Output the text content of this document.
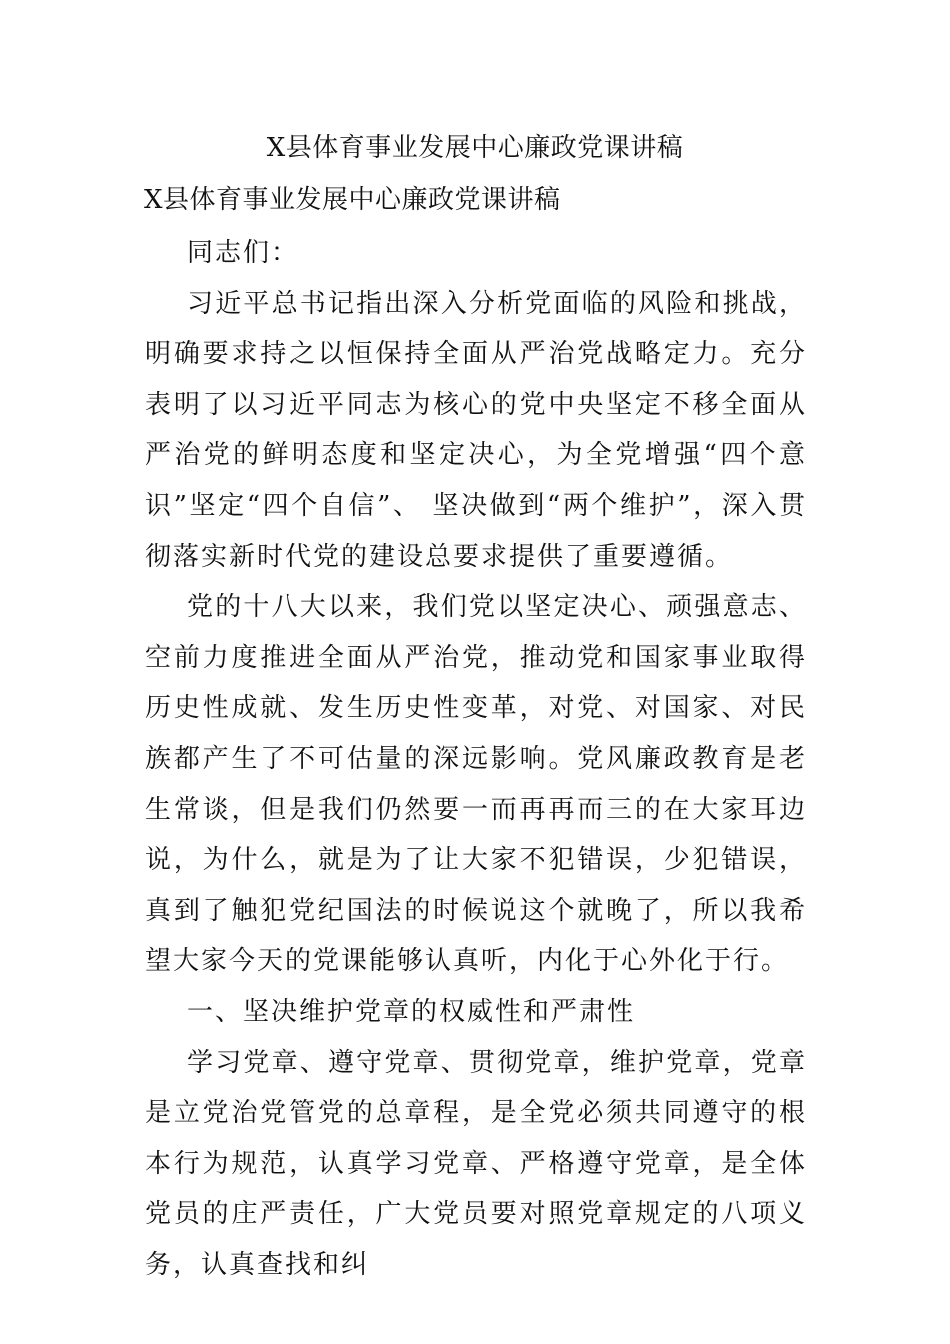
X县体育事业发展中心廉政党课讲稿
X县体育事业发展中心廉政党课讲稿

同志们：

习近平总书记指出深入分析党面临的风险和挑战，明确要求持之以恒保持全面从严治党战略定力。充分表明了以习近平同志为核心的党中央坚定不移全面从严治党的鲜明态度和坚定决心，为全党增强“四个意识”坚定“四个自信”、 坚决做到“两个维护”，深入贯彻落实新时代党的建设总要求提供了重要遵循。

党的十八大以来，我们党以坚定决心、顽强意志、空前力度推进全面从严治党，推动党和国家事业取得历史性成就、发生历史性变革，对党、对国家、对民族都产生了不可估量的深远影响。党风廉政教育是老生常谈，但是我们仍然要一而再再而三的在大家耳边说，为什么，就是为了让大家不犯错误，少犯错误，真到了触犯党纪国法的时候说这个就晚了，所以我希望大家今天的党课能够认真听，内化于心外化于行。

一、坚决维护党章的权威性和严肃性

学习党章、遵守党章、贯彻党章，维护党章，党章是立党治党管党的总章程，是全党必须共同遵守的根本行为规范，认真学习党章、严格遵守党章，是全体党员的庄严责任，广大党员要对照党章规定的八项义务，认真查找和纠
